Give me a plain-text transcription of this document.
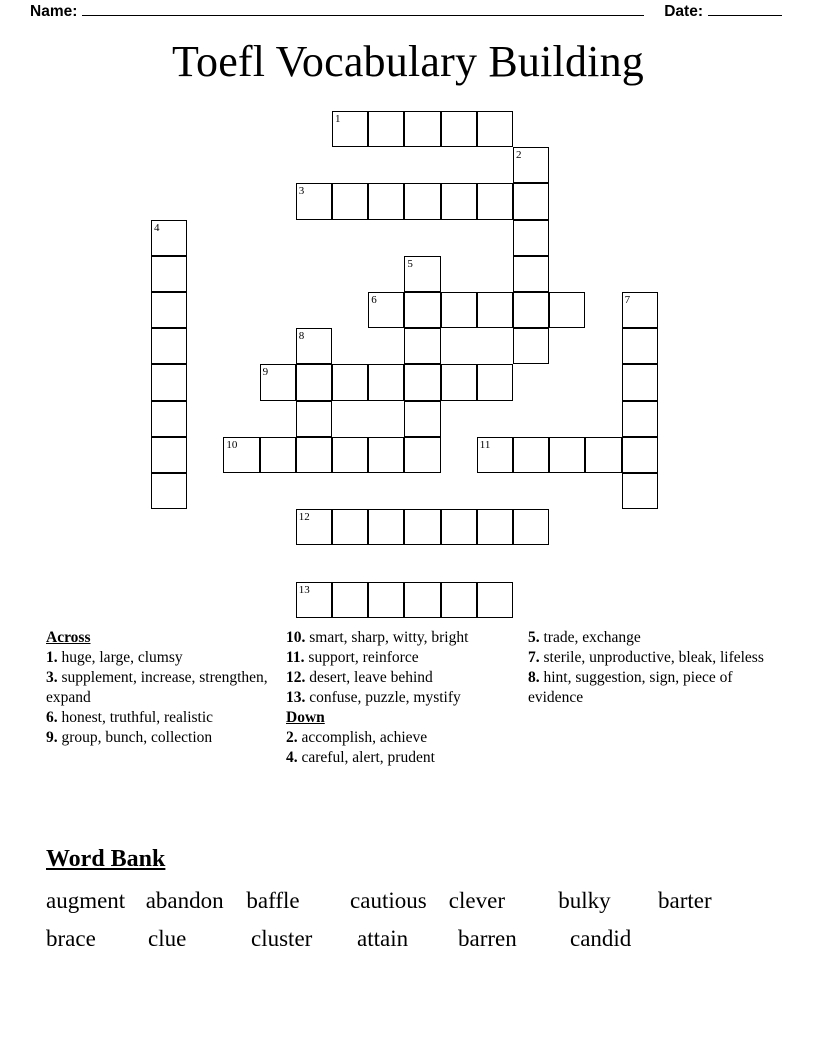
Name:	Date:
Toefl Vocabulary Building
1
2
3
4
5
6	7
8
9
10	11
12
13
Across
1. huge, large, clumsy
3. supplement, increase, strengthen, expand
6. honest, truthful, realistic
9. group, bunch, collection
10. smart, sharp, witty, bright
11. support, reinforce
12. desert, leave behind
13. confuse, puzzle, mystify
Down
2. accomplish, achieve
4. careful, alert, prudent
5. trade, exchange
7. sterile, unproductive, bleak, lifeless
8. hint, suggestion, sign, piece of evidence
Word Bank
augment abandon baffle	cautious clever	bulky	barter
brace	clue	cluster	attain	barren	candid
